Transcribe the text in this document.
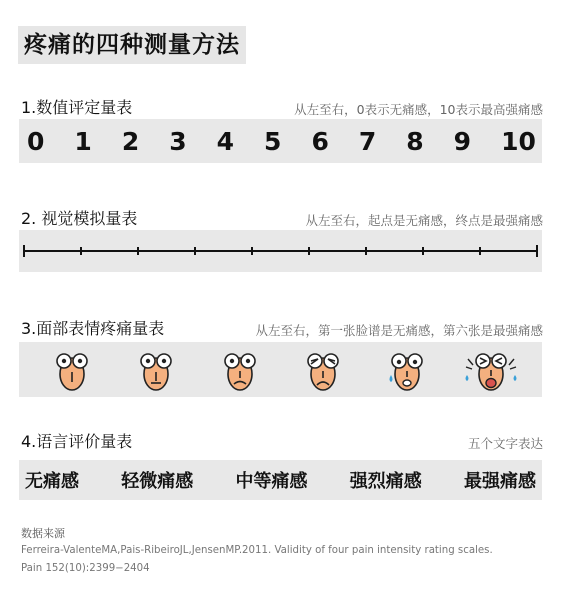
疼痛的四种测量方法
1.数值评定量表	从左至右，0表示无痛感，10表示最高强痛感
0 1 2 3 4 5 6 7 8 9 10
2. 视觉模拟量表	从左至右，起点是无痛感，终点是最强痛感
3.面部表情疼痛量表	从左至右，第一张脸谱是无痛感，第六张是最强痛感
4.语言评价量表	五个文字表达
无痛感 轻微痛感 中等痛感 强烈痛感 最强痛感
数据来源
Ferreira-ValenteMA,Pais-RibeiroJL,JensenMP.2011. Validity of four pain intensity rating scales.
Pain 152(10):2399−2404
